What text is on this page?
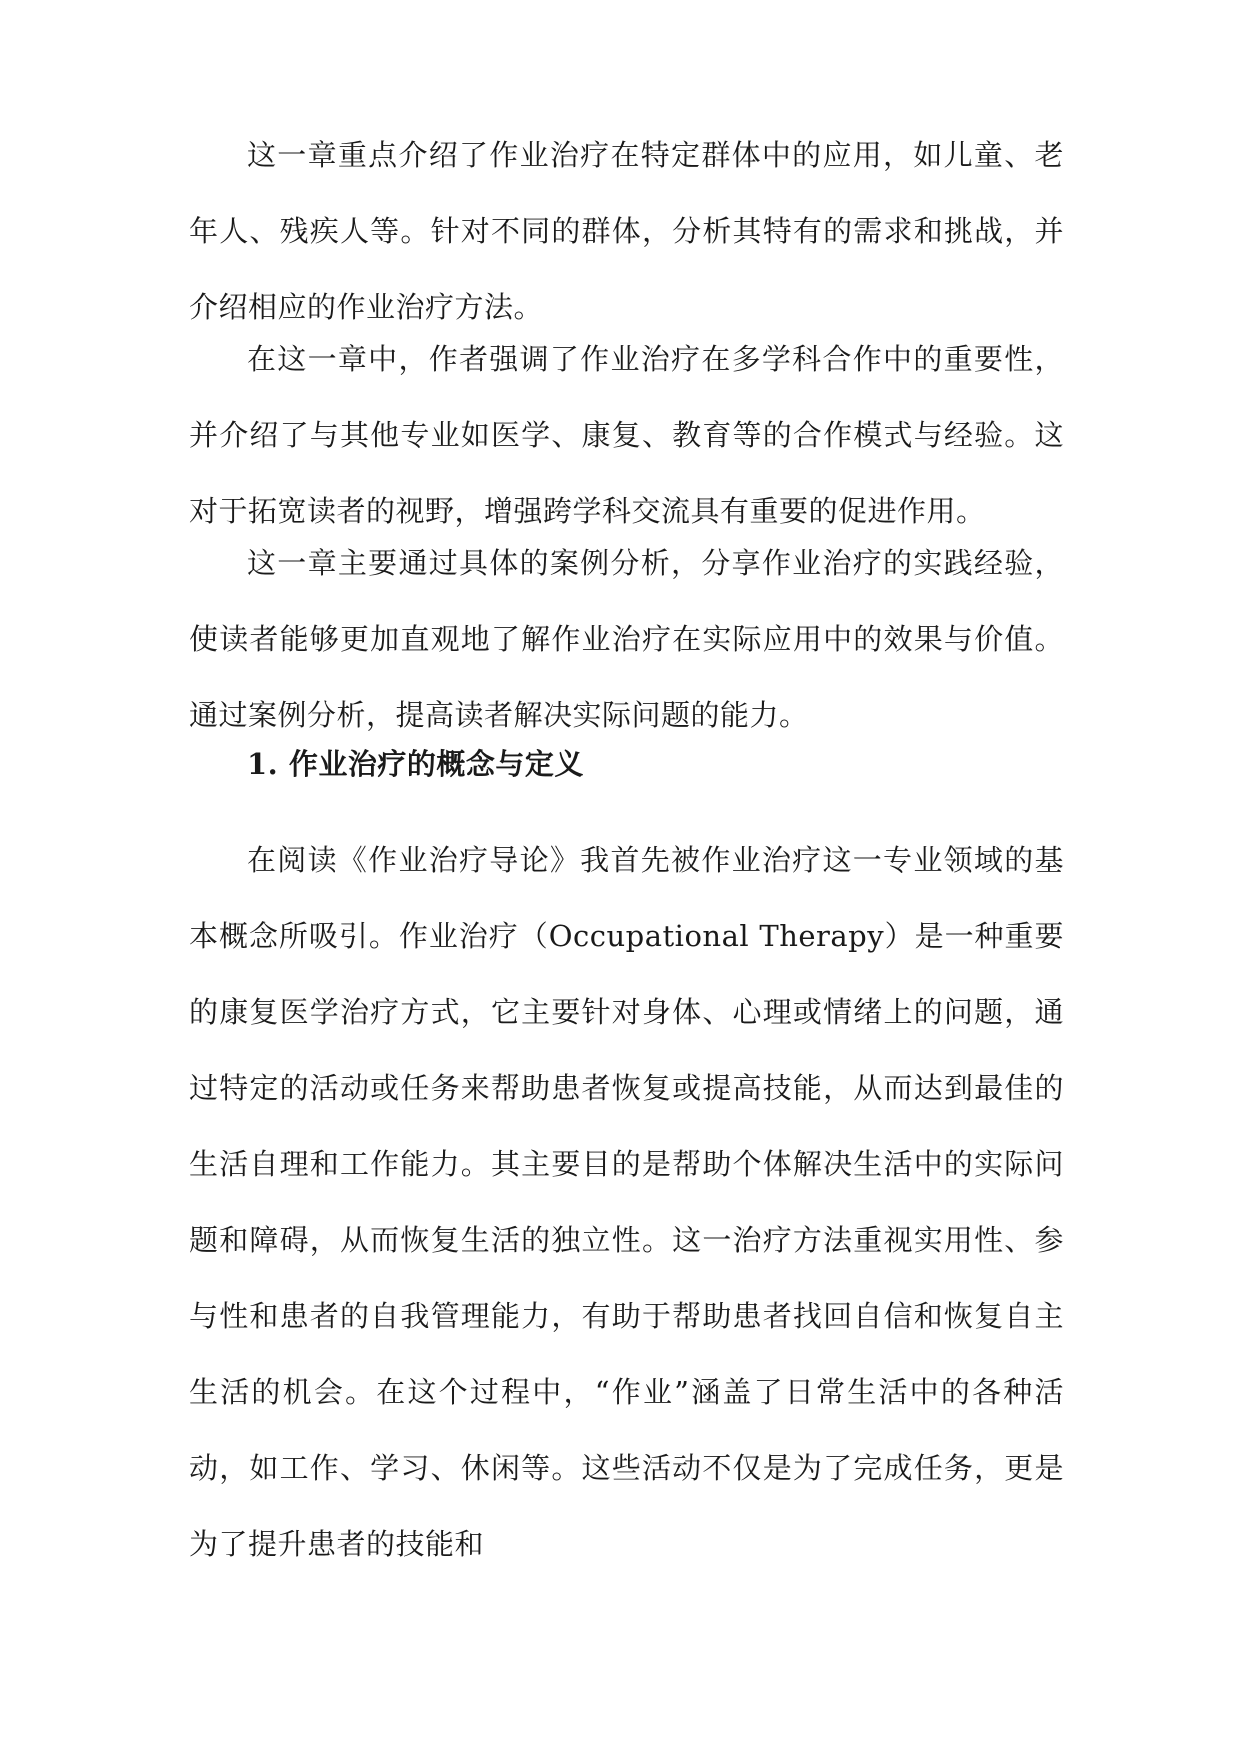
这一章重点介绍了作业治疗在特定群体中的应用，如儿童、老年人、残疾人等。针对不同的群体，分析其特有的需求和挑战，并介绍相应的作业治疗方法。

在这一章中，作者强调了作业治疗在多学科合作中的重要性，并介绍了与其他专业如医学、康复、教育等的合作模式与经验。这对于拓宽读者的视野，增强跨学科交流具有重要的促进作用。

这一章主要通过具体的案例分析，分享作业治疗的实践经验，使读者能够更加直观地了解作业治疗在实际应用中的效果与价值。通过案例分析，提高读者解决实际问题的能力。

1. 作业治疗的概念与定义

在阅读《作业治疗导论》我首先被作业治疗这一专业领域的基本概念所吸引。作业治疗（Occupational Therapy）是一种重要的康复医学治疗方式，它主要针对身体、心理或情绪上的问题，通过特定的活动或任务来帮助患者恢复或提高技能，从而达到最佳的生活自理和工作能力。其主要目的是帮助个体解决生活中的实际问题和障碍，从而恢复生活的独立性。这一治疗方法重视实用性、参与性和患者的自我管理能力，有助于帮助患者找回自信和恢复自主生活的机会。在这个过程中，“作业”涵盖了日常生活中的各种活动，如工作、学习、休闲等。这些活动不仅是为了完成任务，更是为了提升患者的技能和
